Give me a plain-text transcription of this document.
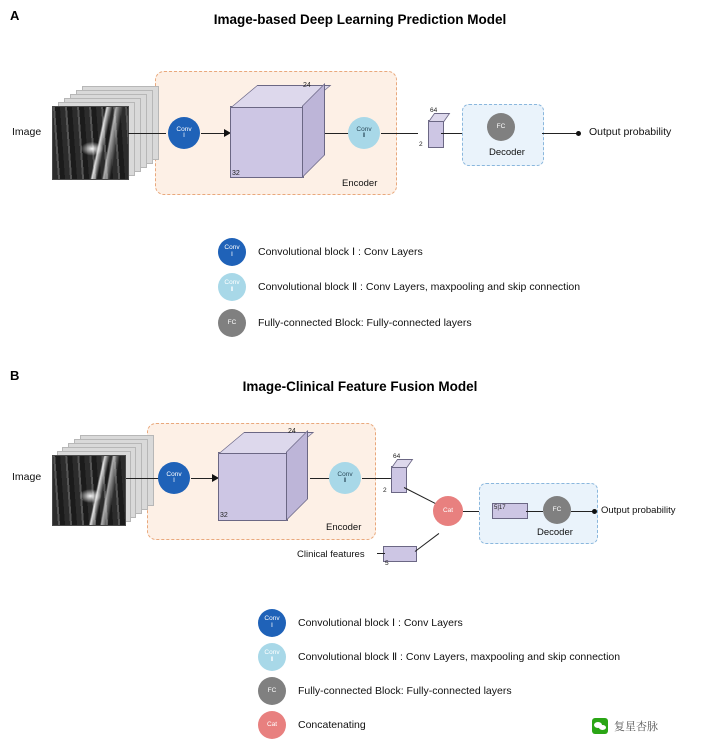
A	Image-based Deep Learning Prediction Model
Encoder
Image	Conv
Ⅰ
24
32
Conv
Ⅱ
64
2
FC
Decoder
Output probability
Conv
Ⅰ Convolutional block Ⅰ : Conv Layers
Conv
Ⅱ Convolutional block Ⅱ : Conv Layers, maxpooling and skip connection
FC Fully-connected Block: Fully-connected layers
B
Image-Clinical Feature Fusion Model
Encoder
Image	Conv
Ⅰ
24
32
Conv
Ⅱ
64
2
5
Clinical features
Cat	5|17	FC
Decoder
Output probability
Conv
Ⅰ Convolutional block Ⅰ : Conv Layers
Conv
Ⅱ Convolutional block Ⅱ : Conv Layers, maxpooling and skip connection
FC Fully-connected Block: Fully-connected layers
Cat Concatenating	复星杏脉
